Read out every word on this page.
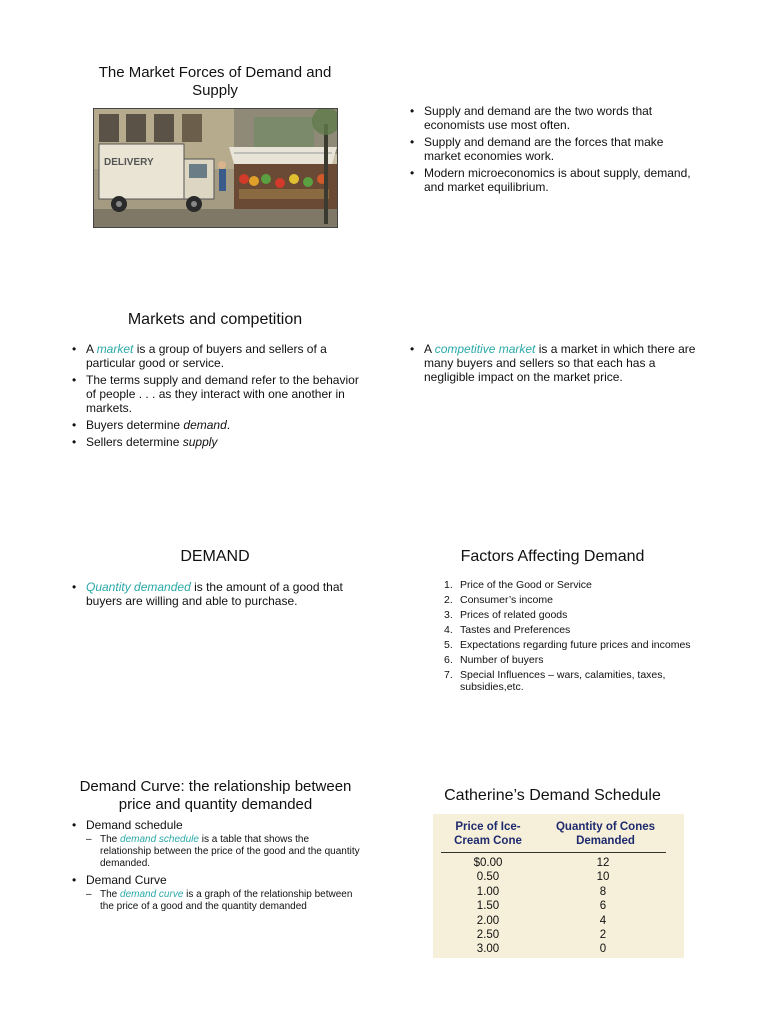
The Market Forces of Demand and Supply
DELIVERY
• Supply and demand are the two words that economists use most often.
• Supply and demand are the forces that make market economies work.
• Modern microeconomics is about supply, demand, and market equilibrium.
Markets and competition
• A market is a group of buyers and sellers of a particular good or service.
• The terms supply and demand refer to the behavior of people . . . as they interact with one another in markets.
• Buyers determine demand.
• Sellers determine supply
• A competitive market is a market in which there are many buyers and sellers so that each has a negligible impact on the market price.
DEMAND
• Quantity demanded is the amount of a good that buyers are willing and able to purchase.
Factors Affecting Demand
1. Price of the Good or Service
2. Consumer’s income
3. Prices of related goods
4. Tastes and Preferences
5. Expectations regarding future prices and incomes
6. Number of buyers
7. Special Influences – wars, calamities, taxes, subsidies,etc.
Demand Curve: the relationship between price and quantity demanded
• Demand schedule
– The demand schedule is a table that shows the relationship between the price of the good and the quantity demanded.
• Demand Curve
– The demand curve is a graph of the relationship between the price of a good and the quantity demanded
Catherine’s Demand Schedule
Price of Ice-Cream Cone
Quantity of Cones Demanded
$0.00	12
0.50	10
1.00	8
1.50	6
2.00	4
2.50	2
3.00	0
